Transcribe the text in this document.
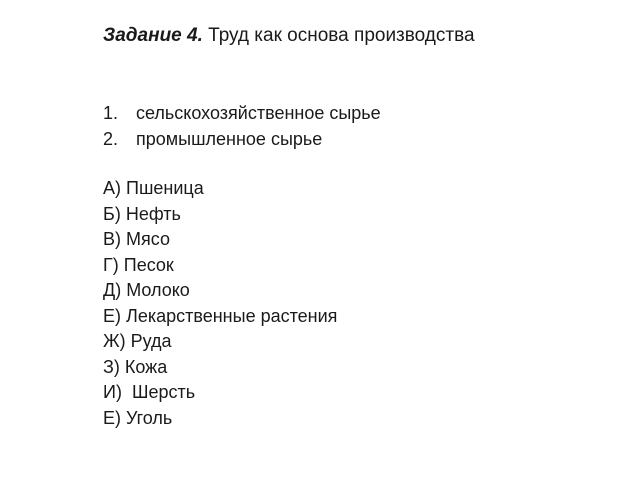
Задание 4. Труд как основа производства
1. сельскохозяйственное сырье
2. промышленное сырье
А) Пшеница
Б) Нефть
В) Мясо
Г) Песок
Д) Молоко
Е) Лекарственные растения
Ж) Руда
З) Кожа
И)  Шерсть
Е) Уголь
